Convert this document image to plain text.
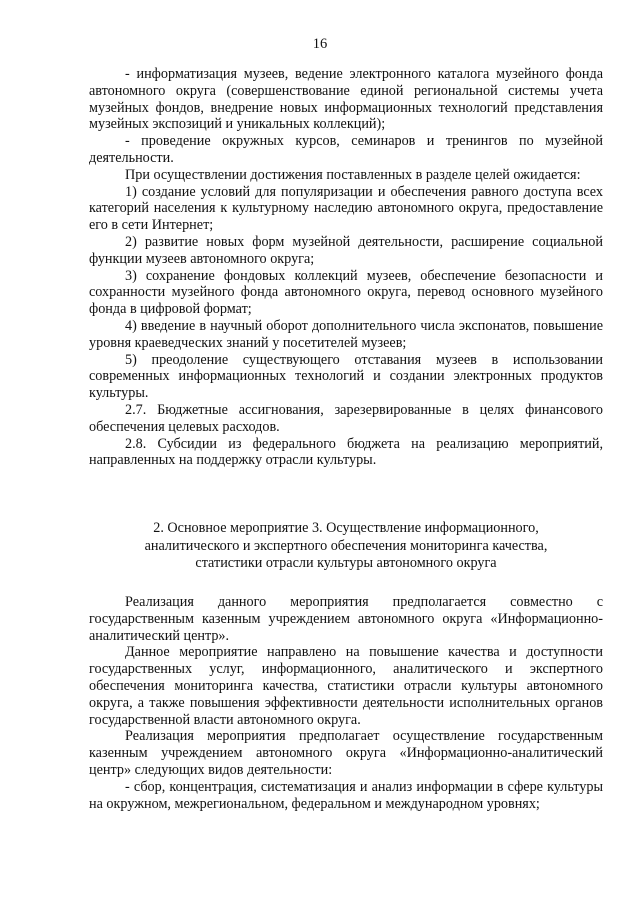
16

- информатизация музеев, ведение электронного каталога музейного фонда автономного округа (совершенствование единой региональной системы учета музейных фондов, внедрение новых информационных технологий представления музейных экспозиций и уникальных коллекций);

- проведение окружных курсов, семинаров и тренингов по музейной деятельности.

При осуществлении достижения поставленных в разделе целей ожидается:

1) создание условий для популяризации и обеспечения равного доступа всех категорий населения к культурному наследию автономного округа, предоставление его в сети Интернет;

2) развитие новых форм музейной деятельности, расширение социальной функции музеев автономного округа;

3) сохранение фондовых коллекций музеев, обеспечение безопасности и сохранности музейного фонда автономного округа, перевод основного музейного фонда в цифровой формат;

4) введение в научный оборот дополнительного числа экспонатов, повышение уровня краеведческих знаний у посетителей музеев;

5) преодоление существующего отставания музеев в использовании современных информационных технологий и создании электронных продуктов культуры.

2.7. Бюджетные ассигнования, зарезервированные в целях финансового обеспечения целевых расходов.

2.8. Субсидии из федерального бюджета на реализацию мероприятий, направленных на поддержку отрасли культуры.

2. Основное мероприятие 3. Осуществление информационного,
аналитического и экспертного обеспечения мониторинга качества,
статистики отрасли культуры автономного округа

Реализация данного мероприятия предполагается совместно с государственным казенным учреждением автономного округа «Информационно-аналитический центр».

Данное мероприятие направлено на повышение качества и доступности государственных услуг, информационного, аналитического и экспертного обеспечения мониторинга качества, статистики отрасли культуры автономного округа, а также повышения эффективности деятельности исполнительных органов государственной власти автономного округа.

Реализация мероприятия предполагает осуществление государственным казенным учреждением автономного округа «Информационно-аналитический центр» следующих видов деятельности:

- сбор, концентрация, систематизация и анализ информации в сфере культуры на окружном, межрегиональном, федеральном и международном уровнях;
